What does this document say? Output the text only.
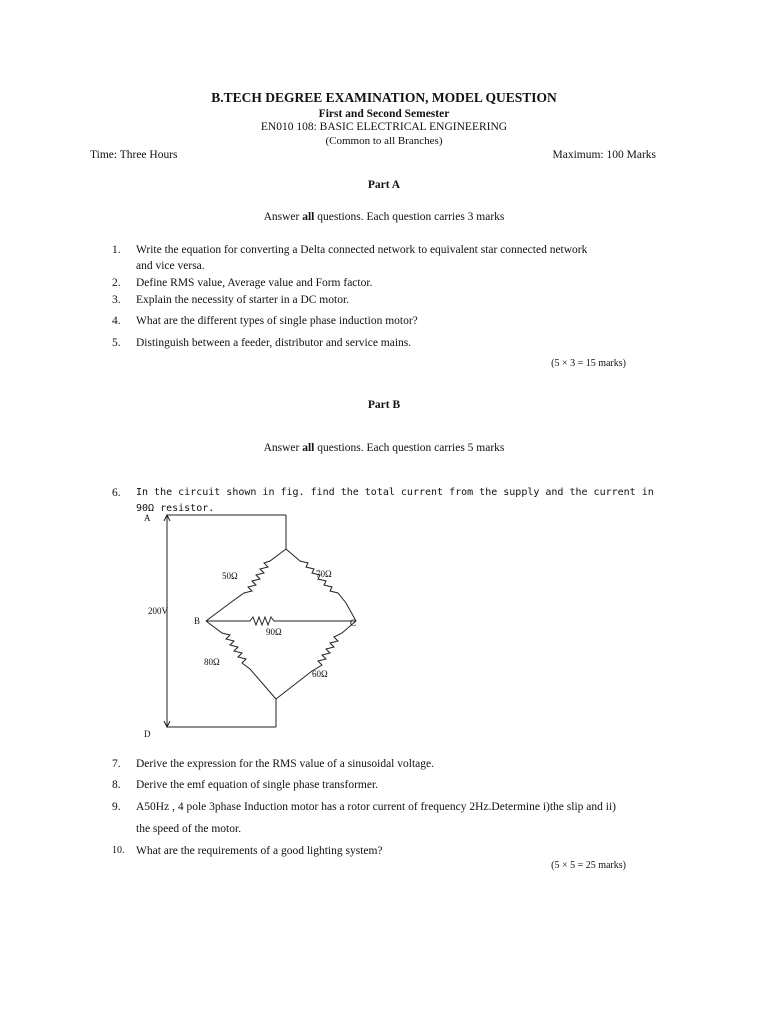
B.TECH DEGREE EXAMINATION, MODEL QUESTION
First and Second Semester
EN010 108: BASIC ELECTRICAL ENGINEERING
(Common to all Branches)
Time: Three Hours	Maximum: 100 Marks
Part A
Answer all questions. Each question carries 3 marks
1.	Write the equation for converting a Delta connected network to equivalent star connected network
and vice versa.
2.	Define RMS value, Average value and Form factor.
3.	Explain the necessity of starter in a DC motor.
4.	What are the different types of single phase induction motor?
5.	Distinguish between a feeder, distributor and service mains.
(5 × 3 = 15 marks)
Part B
Answer all questions. Each question carries 5 marks
6.	In the circuit shown in fig. find the total current from the supply and the current in 90Ω resistor.
A
B	C
D
200V
50Ω	70Ω
90Ω
80Ω
60Ω
7.	Derive the expression for the RMS value of a sinusoidal voltage.
8.	Derive the emf equation of single phase transformer.
9.	A50Hz , 4 pole 3phase Induction motor has a rotor current of frequency 2Hz.Determine i)the slip and ii)
the speed of the motor.
10.	What are the requirements of a good lighting system?
(5 × 5 = 25 marks)
